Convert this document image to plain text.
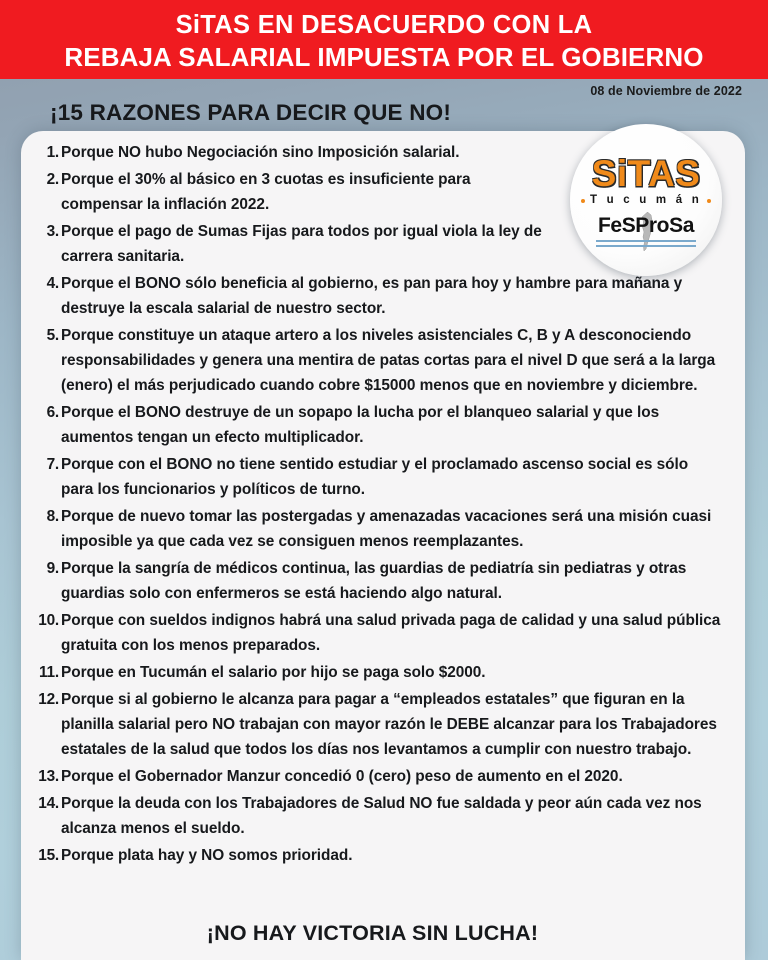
SiTAS EN DESACUERDO CON LA
REBAJA SALARIAL IMPUESTA POR EL GOBIERNO
08 de Noviembre de 2022
¡15 RAZONES PARA DECIR QUE NO!
1. Porque NO hubo Negociación sino Imposición salarial.
2. Porque el 30% al básico en 3 cuotas es insuficiente para compensar la inflación 2022.
3. Porque el pago de Sumas Fijas para todos por igual viola la ley de carrera sanitaria.
4. Porque el BONO sólo beneficia al gobierno, es pan para hoy y hambre para mañana y destruye la escala salarial de nuestro sector.
5. Porque constituye un ataque artero a los niveles asistenciales C, B y A desconociendo responsabilidades y genera una mentira de patas cortas para el nivel D que será a la larga (enero) el más perjudicado cuando cobre $15000 menos que en noviembre y diciembre.
6. Porque el BONO destruye de un sopapo la lucha por el blanqueo salarial y que los aumentos tengan un efecto multiplicador.
7. Porque con el BONO no tiene sentido estudiar y el proclamado ascenso social es sólo para los funcionarios y políticos de turno.
8. Porque de nuevo tomar las postergadas y amenazadas vacaciones será una misión cuasi imposible ya que cada vez se consiguen menos reemplazantes.
9. Porque la sangría de médicos continua, las guardias de pediatría sin pediatras y otras guardias solo con enfermeros se está haciendo algo natural.
10. Porque con sueldos indignos habrá una salud privada paga de calidad y una salud pública gratuita con los menos preparados.
11. Porque en Tucumán el salario por hijo se paga solo $2000.
12. Porque si al gobierno le alcanza para pagar a “empleados estatales” que figuran en la planilla salarial pero NO trabajan con mayor razón le DEBE alcanzar para los Trabajadores estatales de la salud que todos los días nos levantamos a cumplir con nuestro trabajo.
13. Porque el Gobernador Manzur concedió 0 (cero) peso de aumento en el 2020.
14. Porque la deuda con los Trabajadores de Salud NO fue saldada y peor aún cada vez nos alcanza menos el sueldo.
15. Porque plata hay y NO somos prioridad.
SiTAS
T u c u m á n
FeSProSa
¡NO HAY VICTORIA SIN LUCHA!
